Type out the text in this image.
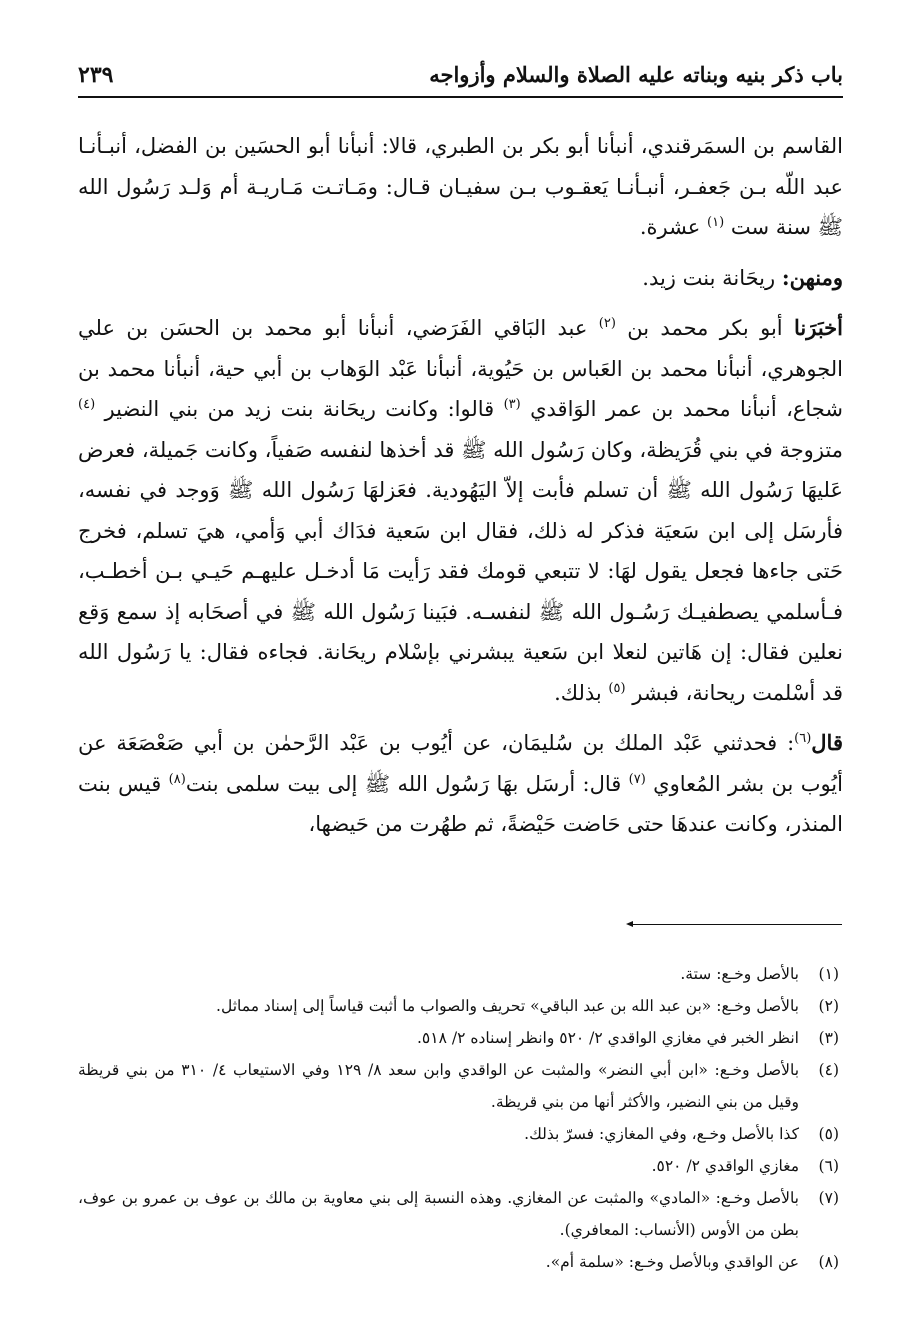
باب ذكر بنيه وبناته عليه الصلاة والسلام وأزواجه
٢٣٩

القاسم بن السمَرقندي، أنبأنا أبو بكر بن الطبري، قالا: أنبأنا أبو الحسَين بن الفضل، أنبـأنـا عبد اللّه بـن جَعفـر، أنبـأنـا يَعقـوب بـن سفيـان قـال: ومَـاتـت مَـاريـة أم وَلـد رَسُول الله ﷺ سنة ست $^{(١)}$ عشرة.

ومنهن: ريحَانة بنت زيد.

أخبَرَنا أبو بكر محمد بن $^{(٢)}$ عبد البَاقي الفَرَضي، أنبأنا أبو محمد بن الحسَن بن علي الجوهري، أنبأنا محمد بن العَباس بن حَيُوية، أنبأنا عَبْد الوَهاب بن أبي حية، أنبأنا محمد بن شجاع، أنبأنا محمد بن عمر الوَاقدي $^{(٣)}$ قالوا: وكانت ريحَانة بنت زيد من بني النضير $^{(٤)}$ متزوجة في بني قُرَيظة، وكان رَسُول الله ﷺ قد أخذها لنفسه صَفياً، وكانت جَميلة، فعرض عَليهَا رَسُول الله ﷺ أن تسلم فأبت إلاّ اليَهُودية. فعَزلهَا رَسُول الله ﷺ وَوجد في نفسه، فأرسَل إلى ابن سَعيَة فذكر له ذلك، فقال ابن سَعية فدَاك أبي وَأمي، هيَ تسلم، فخرج حَتى جاءها فجعل يقول لهَا: لا تتبعي قومك فقد رَأيت مَا أدخـل عليهـم حَيـي بـن أخطـب، فـأسلمي يصطفيـك رَسُـول الله ﷺ لنفسـه. فبَينا رَسُول الله ﷺ في أصحَابه إذ سمع وَقع نعلين فقال: إن هَاتين لنعلا ابن سَعية يبشرني بإسْلام ريحَانة. فجاءه فقال: يا رَسُول الله قد أسْلمت ريحانة، فبشر $^{(٥)}$ بذلك.

قال$^{(٦)}$: فحدثني عَبْد الملك بن سُليمَان، عن أيُوب بن عَبْد الرَّحمٰن بن أبي صَعْصَعَة عن أيُوب بن بشر المُعاوي $^{(٧)}$ قال: أرسَل بهَا رَسُول الله ﷺ إلى بيت سلمى بنت$^{(٨)}$ قيس بنت المنذر، وكانت عندهَا حتى حَاضت حَيْضةً، ثم طهُرت من حَيضها،

(١)
بالأصل وخـع: ستة.
(٢)
بالأصل وخـع: «بن عبد الله بن عبد الباقي» تحريف والصواب ما أثبت قياساً إلى إسناد مماثل.
(٣)
انظر الخبر في مغازي الواقدي ٢/ ٥٢٠ وانظر إسناده ٢/ ٥١٨.
(٤)
بالأصل وخـع: «ابن أبي النضر» والمثبت عن الواقدي وابن سعد ٨/ ١٢٩ وفي الاستيعاب ٤/ ٣١٠ من بني قريظة وقيل من بني النضير، والأكثر أنها من بني قريظة.
(٥)
كذا بالأصل وخـع، وفي المغازي: فسرّ بذلك.
(٦)
مغازي الواقدي ٢/ ٥٢٠.
(٧)
بالأصل وخـع: «المادي» والمثبت عن المغازي. وهذه النسبة إلى بني معاوية بن مالك بن عوف بن عمرو بن عوف، بطن من الأوس (الأنساب: المعافري).
(٨)
عن الواقدي وبالأصل وخـع: «سلمة أم».
